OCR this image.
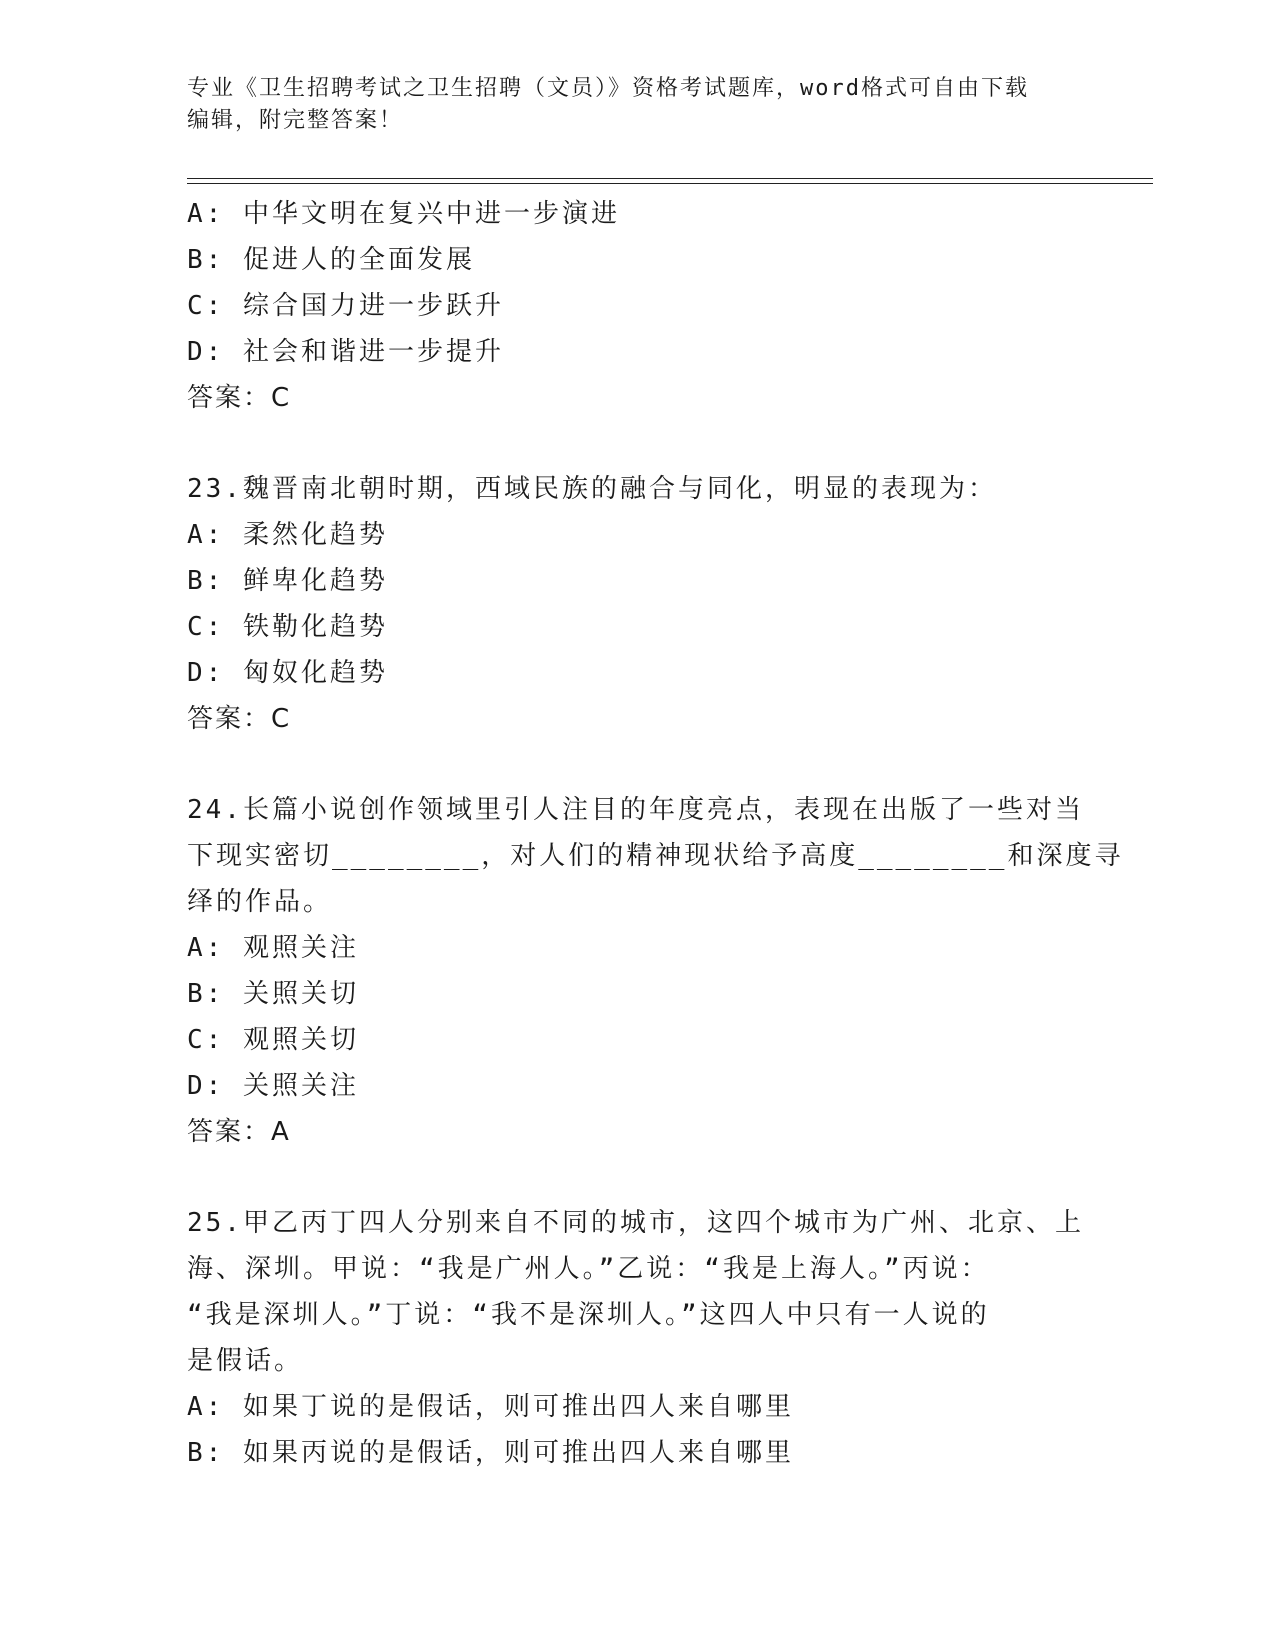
专业《卫生招聘考试之卫生招聘（文员）》资格考试题库，word格式可自由下载
编辑，附完整答案！
A: 中华文明在复兴中进一步演进
B: 促进人的全面发展
C: 综合国力进一步跃升
D: 社会和谐进一步提升
答案：C
23.魏晋南北朝时期，西域民族的融合与同化，明显的表现为：
A: 柔然化趋势
B: 鲜卑化趋势
C: 铁勒化趋势
D: 匈奴化趋势
答案：C
24.长篇小说创作领域里引人注目的年度亮点，表现在出版了一些对当
下现实密切________，对人们的精神现状给予高度________和深度寻
绎的作品。
A: 观照关注
B: 关照关切
C: 观照关切
D: 关照关注
答案：A
25.甲乙丙丁四人分别来自不同的城市，这四个城市为广州、北京、上
海、深圳。甲说：“我是广州人。”乙说：“我是上海人。”丙说：
“我是深圳人。”丁说：“我不是深圳人。”这四人中只有一人说的
是假话。
A: 如果丁说的是假话，则可推出四人来自哪里
B: 如果丙说的是假话，则可推出四人来自哪里
